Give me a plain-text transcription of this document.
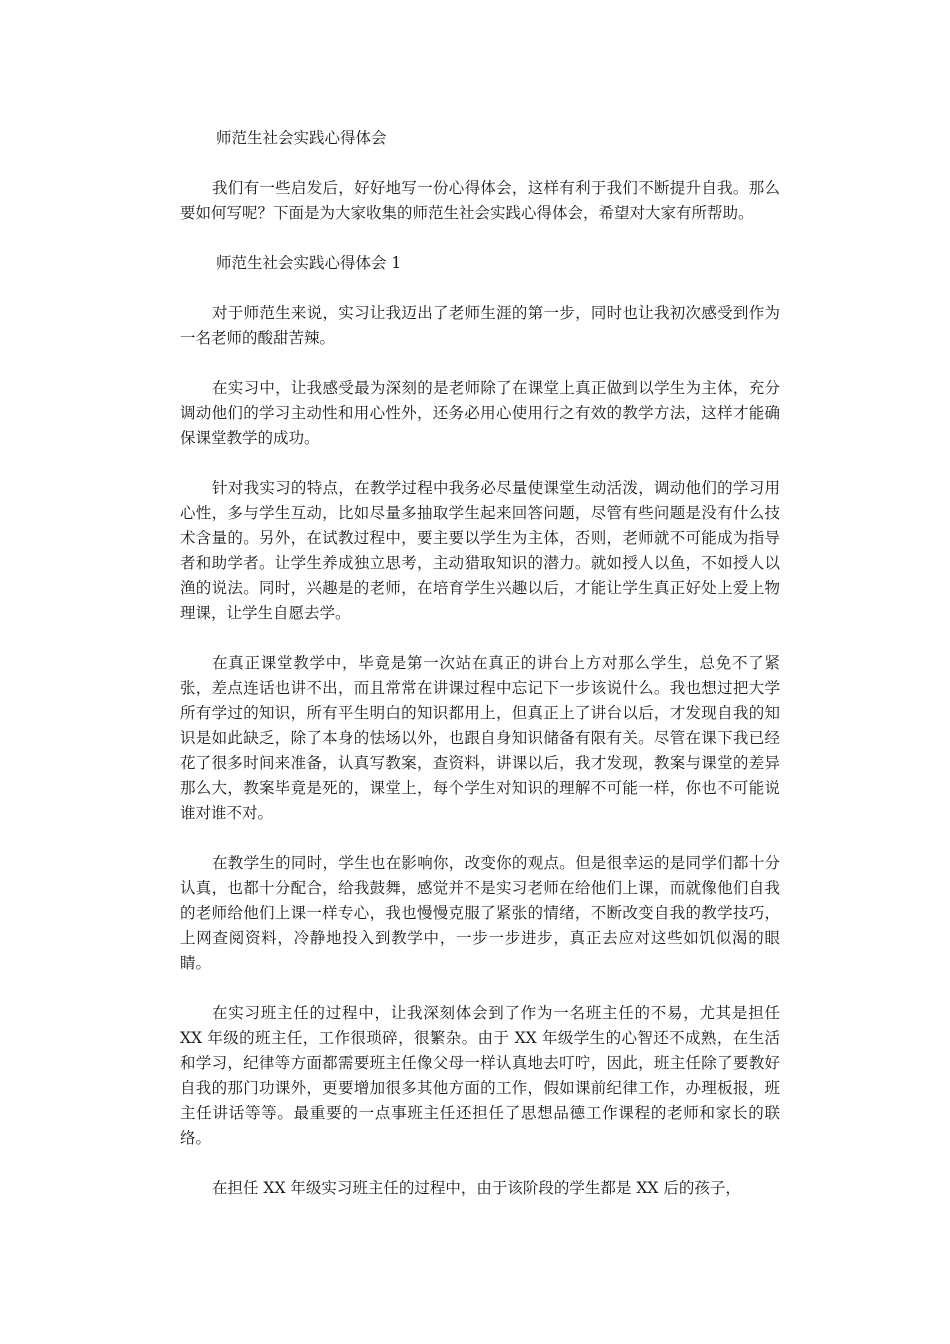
师范生社会实践心得体会

我们有一些启发后，好好地写一份心得体会，这样有利于我们不断提升自我。那么要如何写呢？下面是为大家收集的师范生社会实践心得体会，希望对大家有所帮助。

师范生社会实践心得体会 1

对于师范生来说，实习让我迈出了老师生涯的第一步，同时也让我初次感受到作为一名老师的酸甜苦辣。

在实习中，让我感受最为深刻的是老师除了在课堂上真正做到以学生为主体，充分调动他们的学习主动性和用心性外，还务必用心使用行之有效的教学方法，这样才能确保课堂教学的成功。

针对我实习的特点，在教学过程中我务必尽量使课堂生动活泼，调动他们的学习用心性，多与学生互动，比如尽量多抽取学生起来回答问题，尽管有些问题是没有什么技术含量的。另外，在试教过程中，要主要以学生为主体，否则，老师就不可能成为指导者和助学者。让学生养成独立思考，主动猎取知识的潜力。就如授人以鱼，不如授人以渔的说法。同时，兴趣是的老师，在培育学生兴趣以后，才能让学生真正好处上爱上物理课，让学生自愿去学。

在真正课堂教学中，毕竟是第一次站在真正的讲台上方对那么学生，总免不了紧张，差点连话也讲不出，而且常常在讲课过程中忘记下一步该说什么。我也想过把大学所有学过的知识，所有平生明白的知识都用上，但真正上了讲台以后，才发现自我的知识是如此缺乏，除了本身的怯场以外，也跟自身知识储备有限有关。尽管在课下我已经花了很多时间来准备，认真写教案，查资料，讲课以后，我才发现，教案与课堂的差异那么大，教案毕竟是死的，课堂上，每个学生对知识的理解不可能一样，你也不可能说谁对谁不对。

在教学生的同时，学生也在影响你，改变你的观点。但是很幸运的是同学们都十分认真，也都十分配合，给我鼓舞，感觉并不是实习老师在给他们上课，而就像他们自我的老师给他们上课一样专心，我也慢慢克服了紧张的情绪，不断改变自我的教学技巧，上网查阅资料，冷静地投入到教学中，一步一步进步，真正去应对这些如饥似渴的眼睛。

在实习班主任的过程中，让我深刻体会到了作为一名班主任的不易，尤其是担任 XX 年级的班主任，工作很琐碎，很繁杂。由于 XX 年级学生的心智还不成熟，在生活和学习，纪律等方面都需要班主任像父母一样认真地去叮咛，因此，班主任除了要教好自我的那门功课外，更要增加很多其他方面的工作，假如课前纪律工作，办理板报，班主任讲话等等。最重要的一点事班主任还担任了思想品德工作课程的老师和家长的联络。

在担任 XX 年级实习班主任的过程中，由于该阶段的学生都是 XX 后的孩子，
